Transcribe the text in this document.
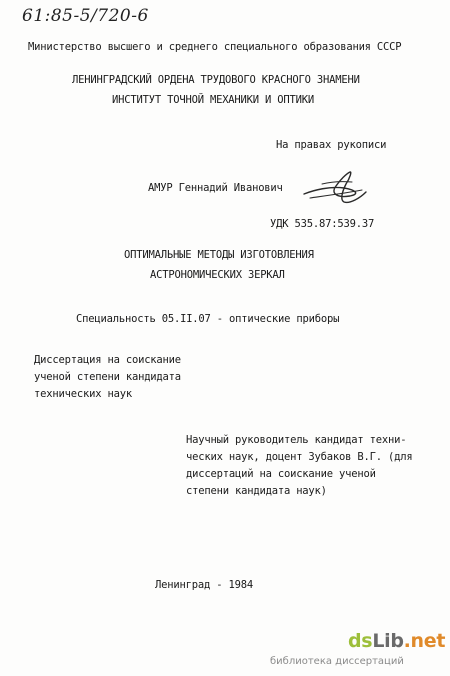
61:85-5/720-6
Министерство высшего и среднего специального образования СССР
ЛЕНИНГРАДСКИЙ ОРДЕНА ТРУДОВОГО КРАСНОГО ЗНАМЕНИ
ИНСТИТУТ ТОЧНОЙ МЕХАНИКИ И ОПТИКИ
На правах рукописи
АМУР Геннадий Иванович
УДК 535.87:539.37
ОПТИМАЛЬНЫЕ МЕТОДЫ ИЗГОТОВЛЕНИЯ
АСТРОНОМИЧЕСКИХ ЗЕРКАЛ
Специальность 05.II.07 - оптические приборы
Диссертация на соискание
ученой степени кандидата
технических наук
Научный руководитель кандидат техни-
ческих наук, доцент Зубаков В.Г. (для
диссертаций на соискание ученой
степени кандидата наук)
Ленинград - 1984
dsLib.net
библиотека диссертаций
